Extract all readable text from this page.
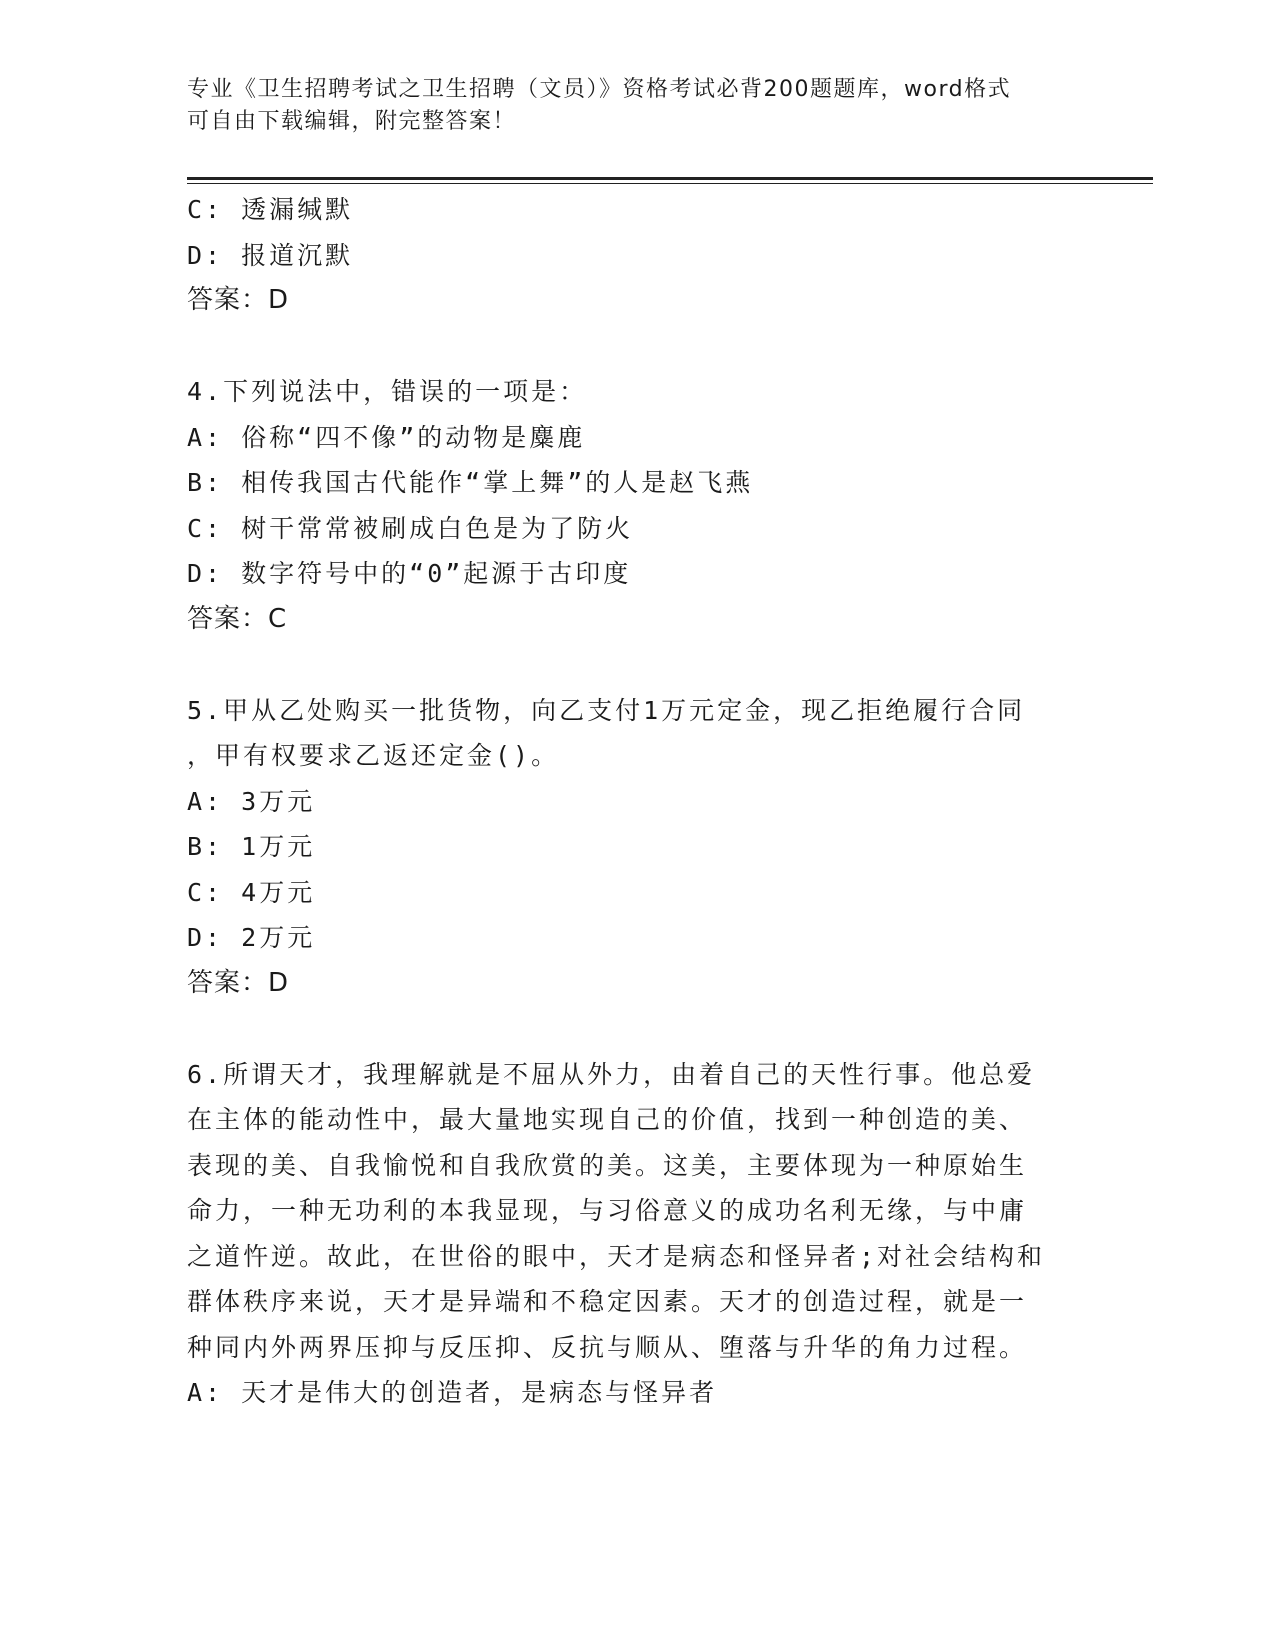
专业《卫生招聘考试之卫生招聘（文员）》资格考试必背200题题库，word格式
可自由下载编辑，附完整答案！
C: 透漏缄默
D: 报道沉默
答案：D
4.下列说法中，错误的一项是：
A: 俗称“四不像”的动物是麋鹿
B: 相传我国古代能作“掌上舞”的人是赵飞燕
C: 树干常常被刷成白色是为了防火
D: 数字符号中的“0”起源于古印度
答案：C
5.甲从乙处购买一批货物，向乙支付1万元定金，现乙拒绝履行合同
，甲有权要求乙返还定金()。
A: 3万元
B: 1万元
C: 4万元
D: 2万元
答案：D
6.所谓天才，我理解就是不屈从外力，由着自己的天性行事。他总爱
在主体的能动性中，最大量地实现自己的价值，找到一种创造的美、
表现的美、自我愉悦和自我欣赏的美。这美，主要体现为一种原始生
命力，一种无功利的本我显现，与习俗意义的成功名利无缘，与中庸
之道忤逆。故此，在世俗的眼中，天才是病态和怪异者;对社会结构和
群体秩序来说，天才是异端和不稳定因素。天才的创造过程，就是一
种同内外两界压抑与反压抑、反抗与顺从、堕落与升华的角力过程。
A: 天才是伟大的创造者，是病态与怪异者
